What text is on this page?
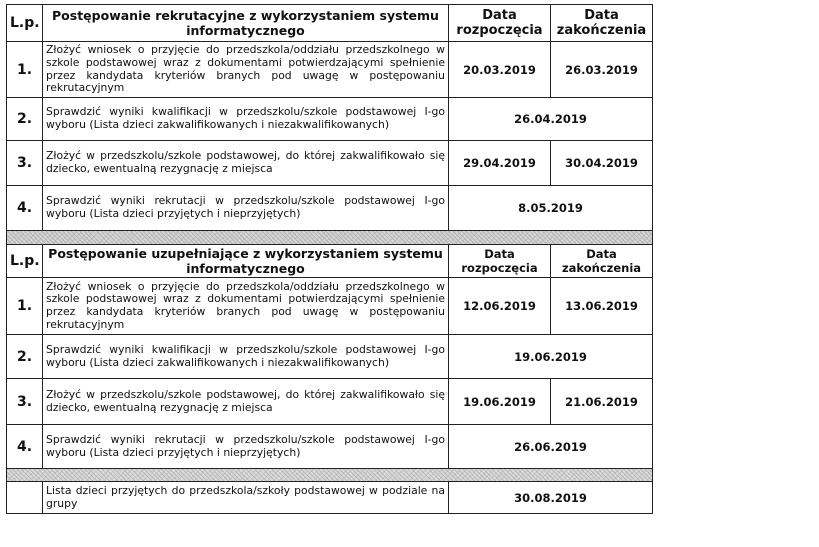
L.p.	Postępowanie rekrutacyjne z wykorzystaniem systemu informatycznego	Data rozpoczęcia	Data zakończenia
1.	Złożyć wniosek o przyjęcie do przedszkola/oddziału przedszkolnego w szkole podstawowej wraz z dokumentami potwierdzającymi spełnienie przez kandydata kryteriów branych pod uwagę w postępowaniu rekrutacyjnym	20.03.2019	26.03.2019
2.	Sprawdzić wyniki kwalifikacji w przedszkolu/szkole podstawowej I-go wyboru (Lista dzieci zakwalifikowanych i niezakwalifikowanych)	26.04.2019	
3.	Złożyć w przedszkolu/szkole podstawowej, do której zakwalifikowało się dziecko, ewentualną rezygnację z miejsca	29.04.2019	30.04.2019
4.	Sprawdzić wyniki rekrutacji w przedszkolu/szkole podstawowej I-go wyboru (Lista dzieci przyjętych i nieprzyjętych)	8.05.2019	

L.p.	Postępowanie uzupełniające z wykorzystaniem systemu informatycznego	Data rozpoczęcia	Data zakończenia
1.	Złożyć wniosek o przyjęcie do przedszkola/oddziału przedszkolnego w szkole podstawowej wraz z dokumentami potwierdzającymi spełnienie przez kandydata kryteriów branych pod uwagę w postępowaniu rekrutacyjnym	12.06.2019	13.06.2019
2.	Sprawdzić wyniki kwalifikacji w przedszkolu/szkole podstawowej I-go wyboru (Lista dzieci zakwalifikowanych i niezakwalifikowanych)	19.06.2019	
3.	Złożyć w przedszkolu/szkole podstawowej, do której zakwalifikowało się dziecko, ewentualną rezygnację z miejsca	19.06.2019	21.06.2019
4.	Sprawdzić wyniki rekrutacji w przedszkolu/szkole podstawowej I-go wyboru (Lista dzieci przyjętych i nieprzyjętych)	26.06.2019	

	Lista dzieci przyjętych do przedszkola/szkoły podstawowej w podziale na grupy	30.08.2019	
